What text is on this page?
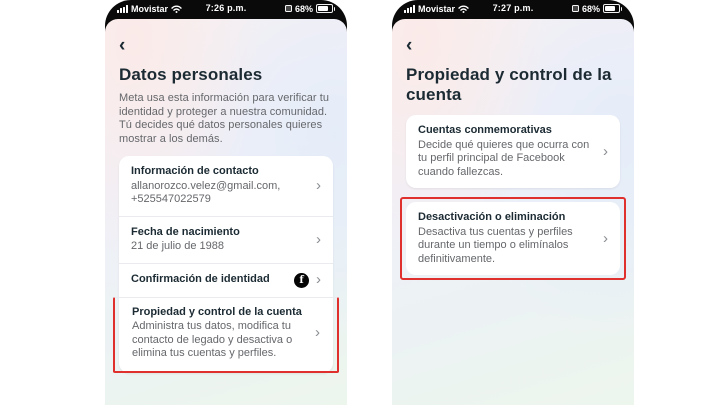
Movistar	7:26 p.m.	68%
‹
Datos personales
Meta usa esta información para verificar tu identidad y proteger a nuestra comunidad. Tú decides qué datos personales quieres mostrar a los demás.
Información de contacto
allanorozco.velez@gmail.com, +525547022579
›
Fecha de nacimiento
21 de julio de 1988	›
Confirmación de identidad	f ›
Propiedad y control de la cuenta
Administra tus datos, modifica tu contacto de legado y desactiva o elimina tus cuentas y perfiles.
›
Movistar	7:27 p.m.	68%
‹
Propiedad y control de la cuenta
Cuentas conmemorativas
Decide qué quieres que ocurra con tu perfil principal de Facebook cuando fallezcas.
›
Desactivación o eliminación
Desactiva tus cuentas y perfiles durante un tiempo o elimínalos definitivamente.
›
